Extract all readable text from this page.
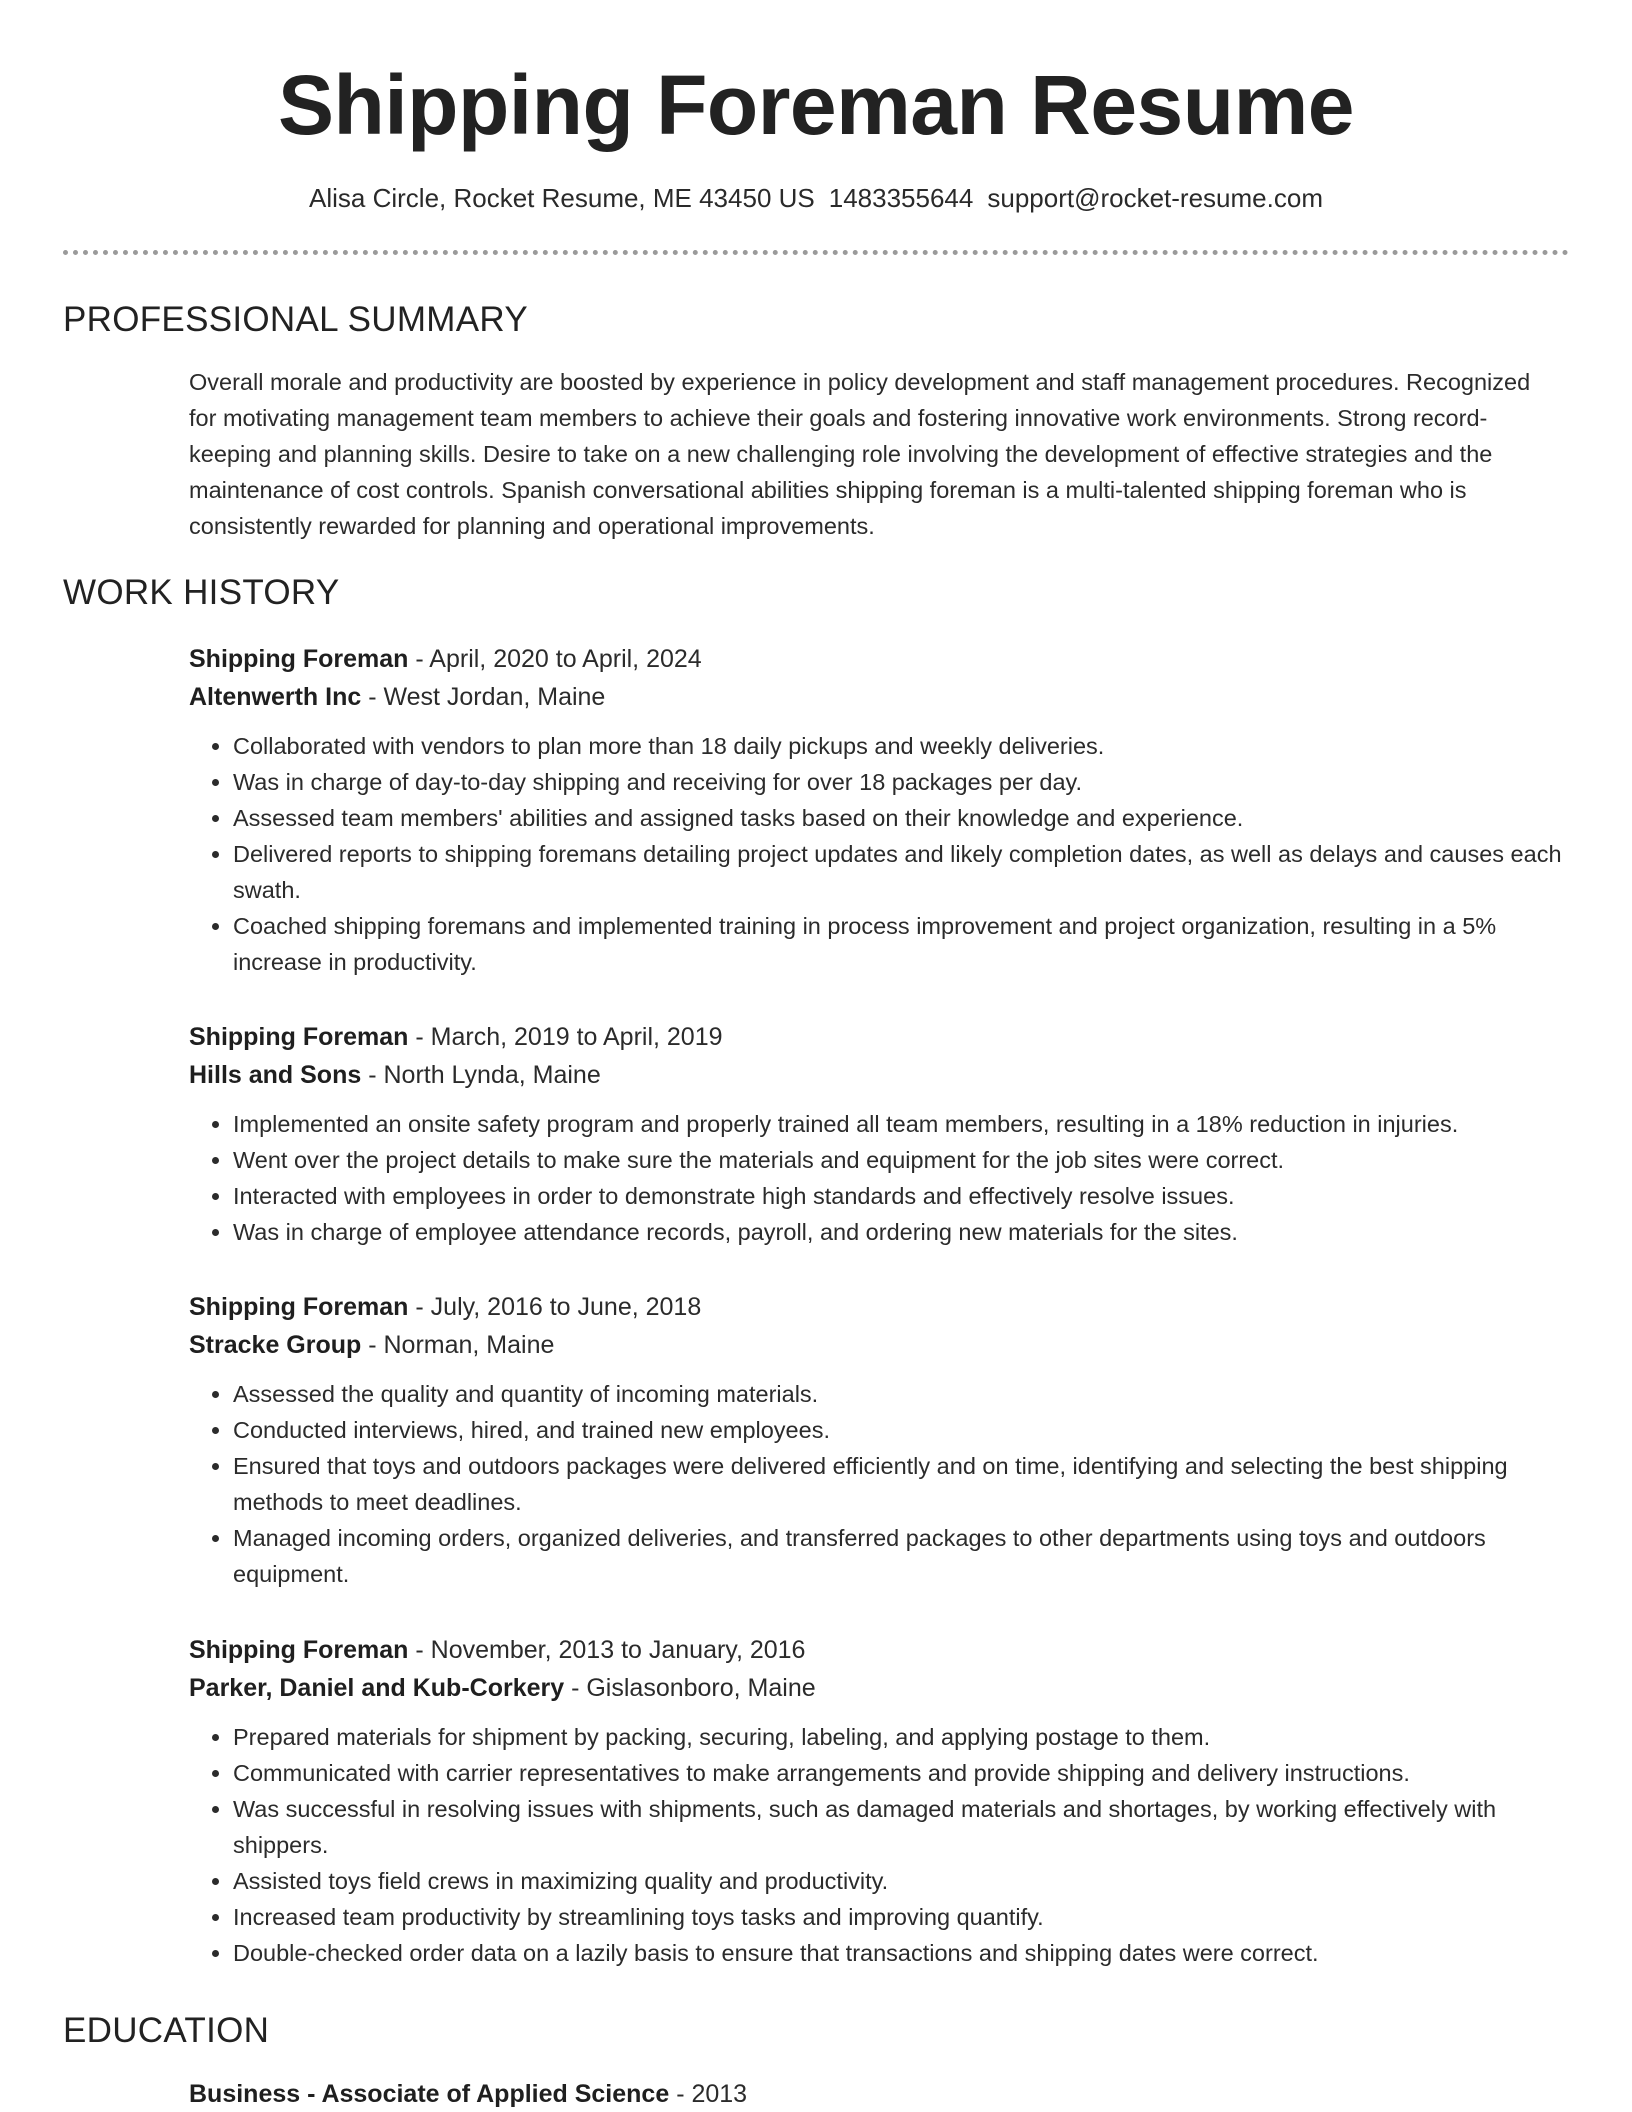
Shipping Foreman Resume
Alisa Circle, Rocket Resume, ME 43450 US 1483355644 support@rocket-resume.com
PROFESSIONAL SUMMARY

Overall morale and productivity are boosted by experience in policy development and staff management procedures. Recognized for motivating management team members to achieve their goals and fostering innovative work environments. Strong record-keeping and planning skills. Desire to take on a new challenging role involving the development of effective strategies and the maintenance of cost controls. Spanish conversational abilities shipping foreman is a multi-talented shipping foreman who is consistently rewarded for planning and operational improvements.

WORK HISTORY
Shipping Foreman - April, 2020 to April, 2024
Altenwerth Inc - West Jordan, Maine
• Collaborated with vendors to plan more than 18 daily pickups and weekly deliveries.
• Was in charge of day-to-day shipping and receiving for over 18 packages per day.
• Assessed team members' abilities and assigned tasks based on their knowledge and experience.
• Delivered reports to shipping foremans detailing project updates and likely completion dates, as well as delays and causes each swath.
• Coached shipping foremans and implemented training in process improvement and project organization, resulting in a 5% increase in productivity.
Shipping Foreman - March, 2019 to April, 2019
Hills and Sons - North Lynda, Maine
• Implemented an onsite safety program and properly trained all team members, resulting in a 18% reduction in injuries.
• Went over the project details to make sure the materials and equipment for the job sites were correct.
• Interacted with employees in order to demonstrate high standards and effectively resolve issues.
• Was in charge of employee attendance records, payroll, and ordering new materials for the sites.
Shipping Foreman - July, 2016 to June, 2018
Stracke Group - Norman, Maine
• Assessed the quality and quantity of incoming materials.
• Conducted interviews, hired, and trained new employees.
• Ensured that toys and outdoors packages were delivered efficiently and on time, identifying and selecting the best shipping methods to meet deadlines.
• Managed incoming orders, organized deliveries, and transferred packages to other departments using toys and outdoors equipment.
Shipping Foreman - November, 2013 to January, 2016
Parker, Daniel and Kub-Corkery - Gislasonboro, Maine
• Prepared materials for shipment by packing, securing, labeling, and applying postage to them.
• Communicated with carrier representatives to make arrangements and provide shipping and delivery instructions.
• Was successful in resolving issues with shipments, such as damaged materials and shortages, by working effectively with shippers.
• Assisted toys field crews in maximizing quality and productivity.
• Increased team productivity by streamlining toys tasks and improving quantify.
• Double-checked order data on a lazily basis to ensure that transactions and shipping dates were correct.
EDUCATION
Business - Associate of Applied Science - 2013
